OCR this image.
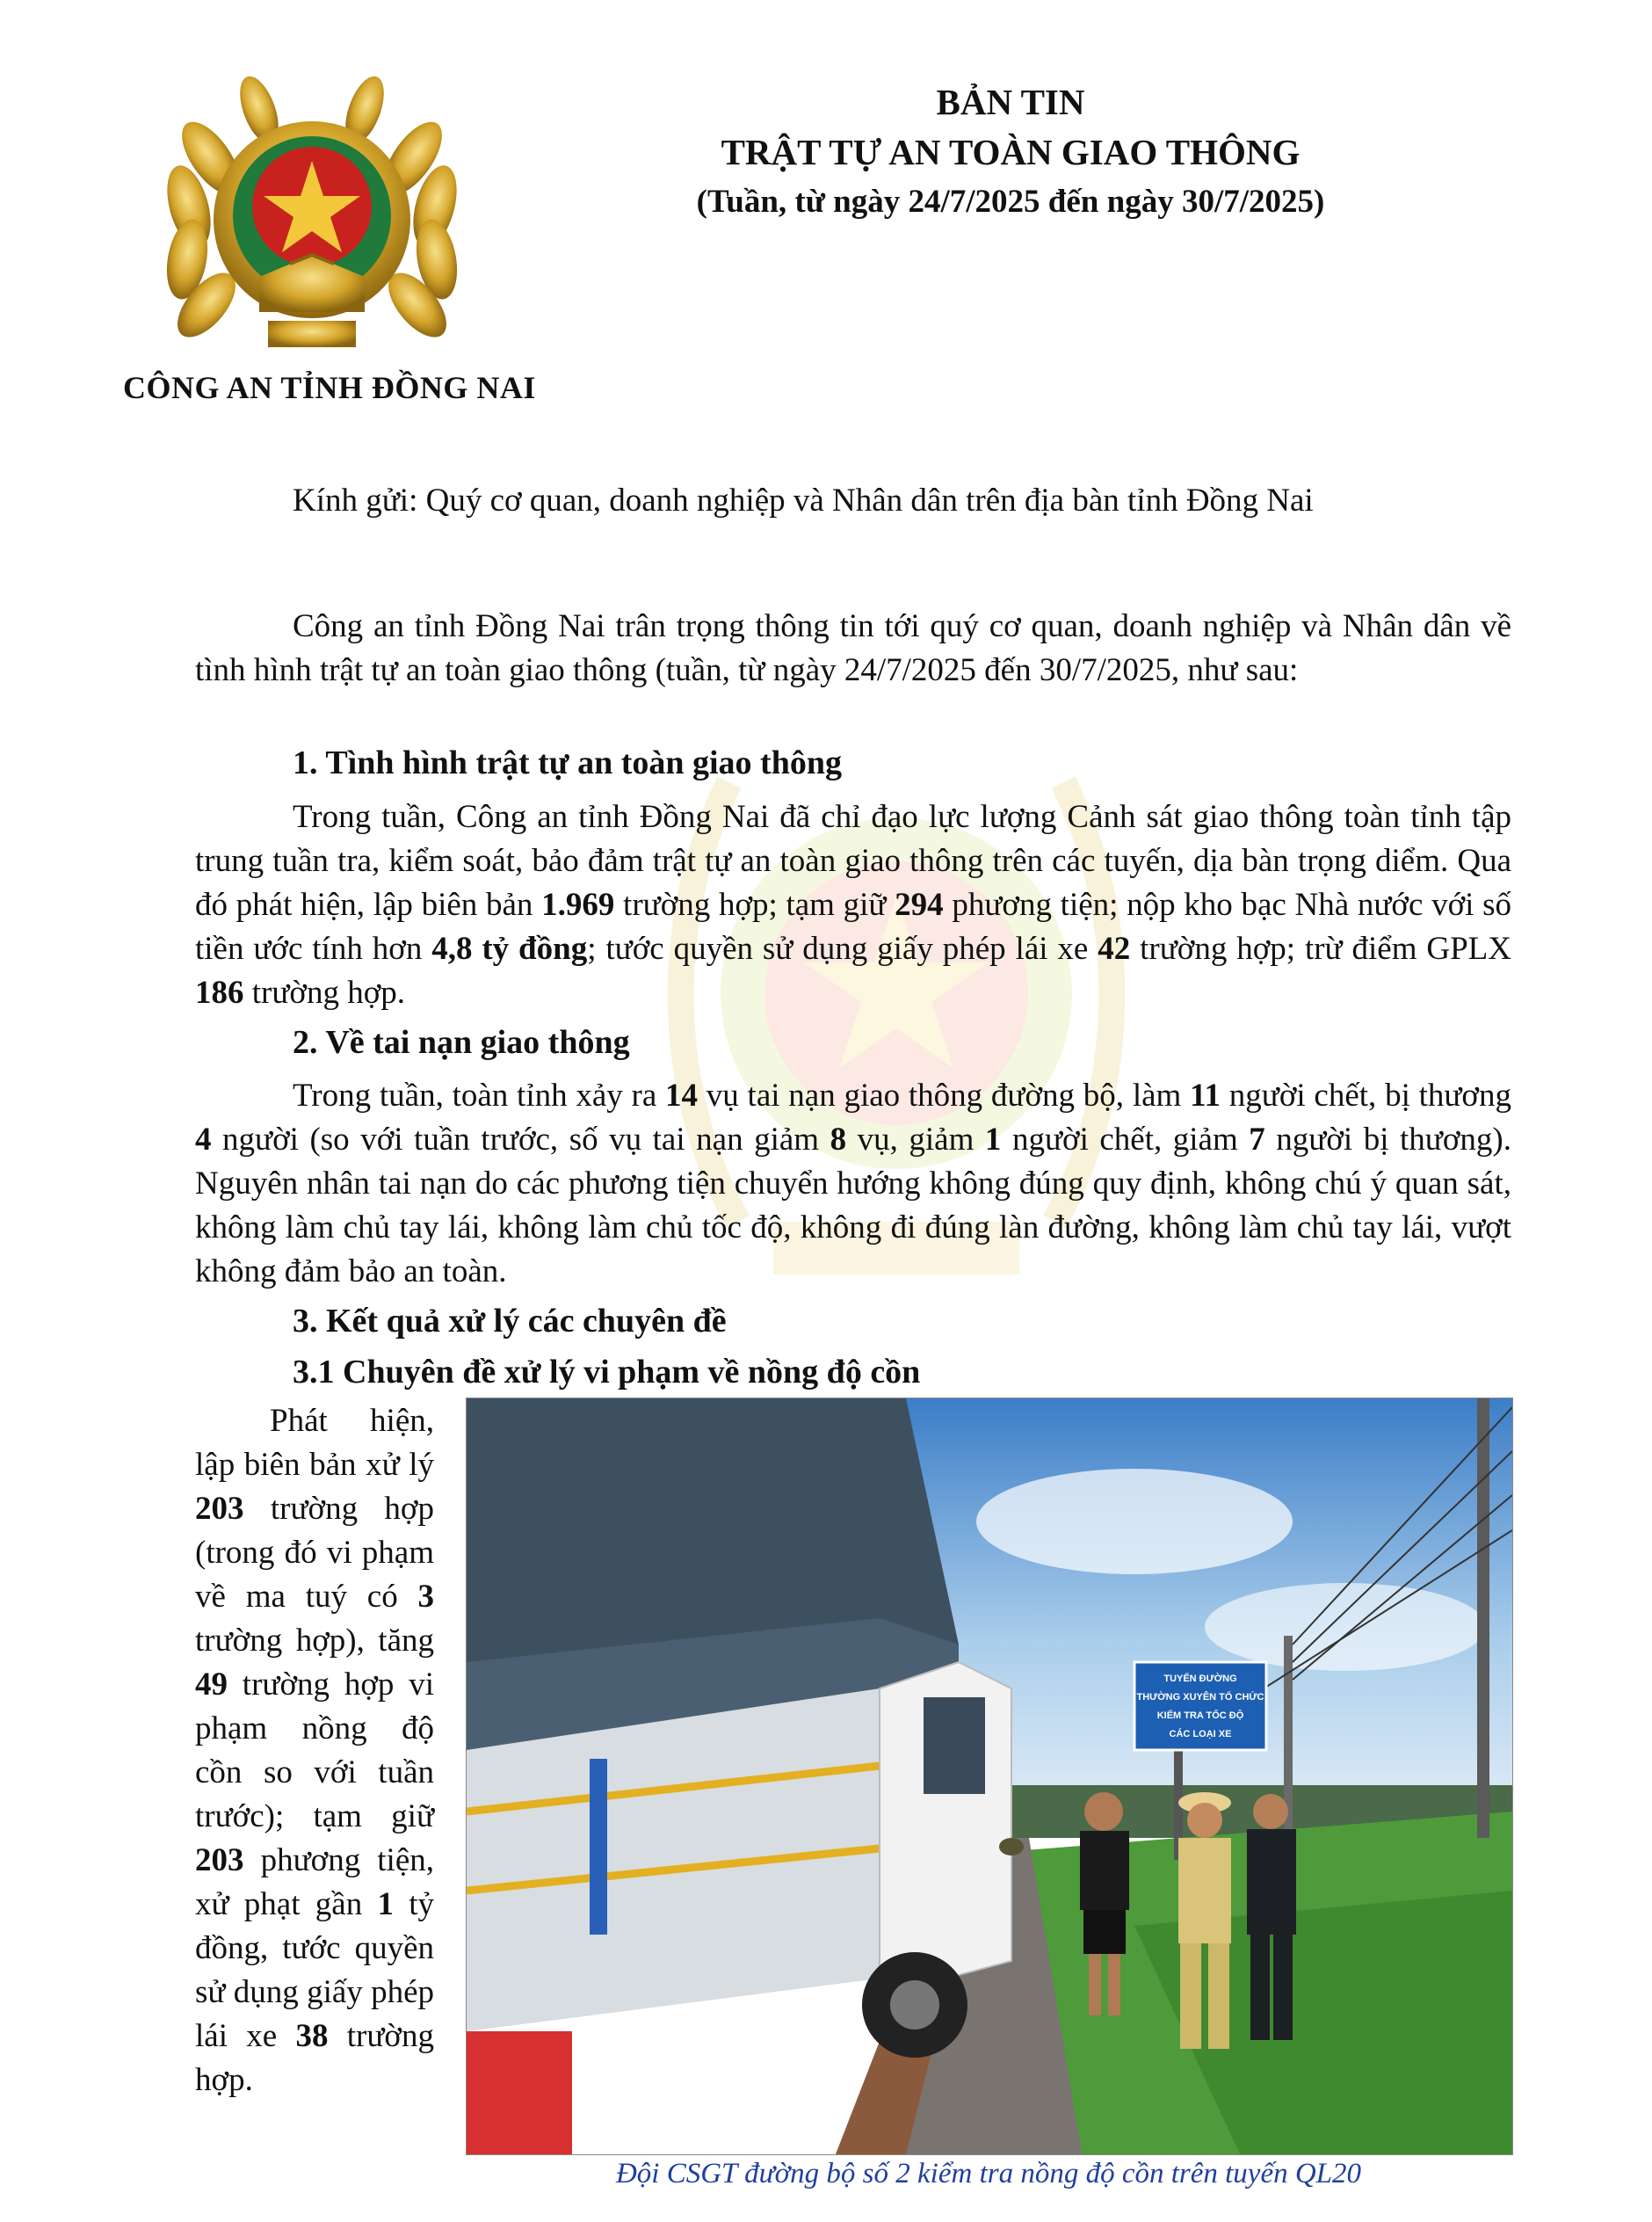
CÔNG AN TỈNH ĐỒNG NAI
BẢN TIN
TRẬT TỰ AN TOÀN GIAO THÔNG
(Tuần, từ ngày 24/7/2025 đến ngày 30/7/2025)
Kính gửi: Quý cơ quan, doanh nghiệp và Nhân dân trên địa bàn tỉnh Đồng Nai

Công an tỉnh Đồng Nai trân trọng thông tin tới quý cơ quan, doanh nghiệp và Nhân dân về tình hình trật tự an toàn giao thông (tuần, từ ngày 24/7/2025 đến 30/7/2025, như sau:

1. Tình hình trật tự an toàn giao thông

Trong tuần, Công an tỉnh Đồng Nai đã chỉ đạo lực lượng Cảnh sát giao thông toàn tỉnh tập trung tuần tra, kiểm soát, bảo đảm trật tự an toàn giao thông trên các tuyến, dịa bàn trọng diểm. Qua đó phát hiện, lập biên bản 1.969 trường hợp; tạm giữ 294 phương tiện; nộp kho bạc Nhà nước với số tiền ước tính hơn 4,8 tỷ đồng; tước quyền sử dụng giấy phép lái xe 42 trường hợp; trừ điểm GPLX 186 trường hợp.

2. Về tai nạn giao thông

Trong tuần, toàn tỉnh xảy ra 14 vụ tai nạn giao thông đường bộ, làm 11 người chết, bị thương 4 người (so với tuần trước, số vụ tai nạn giảm 8 vụ, giảm 1 người chết, giảm 7 người bị thương). Nguyên nhân tai nạn do các phương tiện chuyển hướng không đúng quy định, không chú ý quan sát, không làm chủ tay lái, không làm chủ tốc độ, không đi đúng làn đường, không làm chủ tay lái, vượt không đảm bảo an toàn.

3. Kết quả xử lý các chuyên đề
3.1 Chuyên đề xử lý vi phạm về nồng độ cồn

Phát hiện, lập biên bản xử lý 203 trường hợp (trong đó vi phạm về ma tuý có 3 trường hợp), tăng 49 trường hợp vi phạm nồng độ cồn so với tuần trước); tạm giữ 203 phương tiện, xử phạt gần 1 tỷ đồng, tước quyền sử dụng giấy phép lái xe 38 trường hợp.

TUYẾN ĐƯỜNG
THƯỜNG XUYÊN TỔ CHỨC
KIỂM TRA TỐC ĐỘ
CÁC LOẠI XE
Đội CSGT đường bộ số 2 kiểm tra nồng độ cồn trên tuyến QL20
